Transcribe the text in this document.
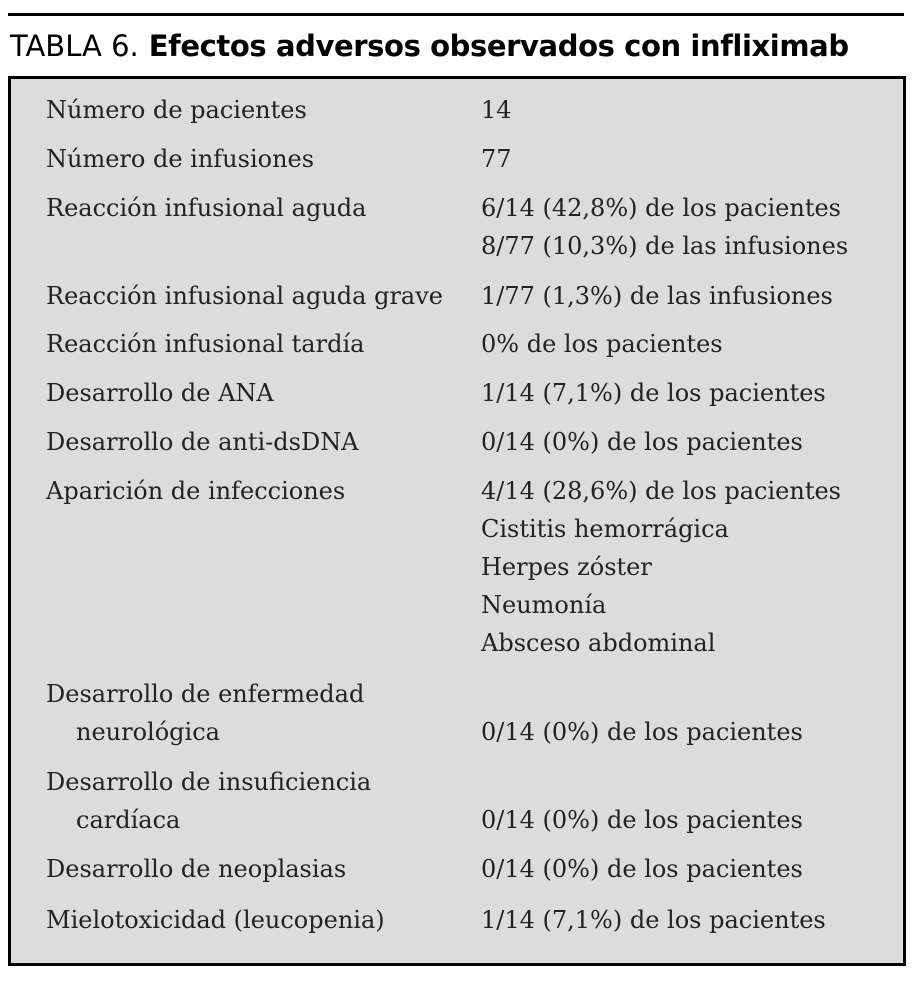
TABLA 6. Efectos adversos observados con infliximab
Número de pacientes	14
Número de infusiones	77
Reacción infusional aguda	6/14 (42,8%) de los pacientes
8/77 (10,3%) de las infusiones
Reacción infusional aguda grave	1/77 (1,3%) de las infusiones
Reacción infusional tardía	0% de los pacientes
Desarrollo de ANA	1/14 (7,1%) de los pacientes
Desarrollo de anti-dsDNA	0/14 (0%) de los pacientes
Aparición de infecciones	4/14 (28,6%) de los pacientes
Cistitis hemorrágica
Herpes zóster
Neumonía
Absceso abdominal
Desarrollo de enfermedad
neurológica
	0/14 (0%) de los pacientes
Desarrollo de insuficiencia
cardíaca
	0/14 (0%) de los pacientes
Desarrollo de neoplasias	0/14 (0%) de los pacientes
Mielotoxicidad (leucopenia)	1/14 (7,1%) de los pacientes
